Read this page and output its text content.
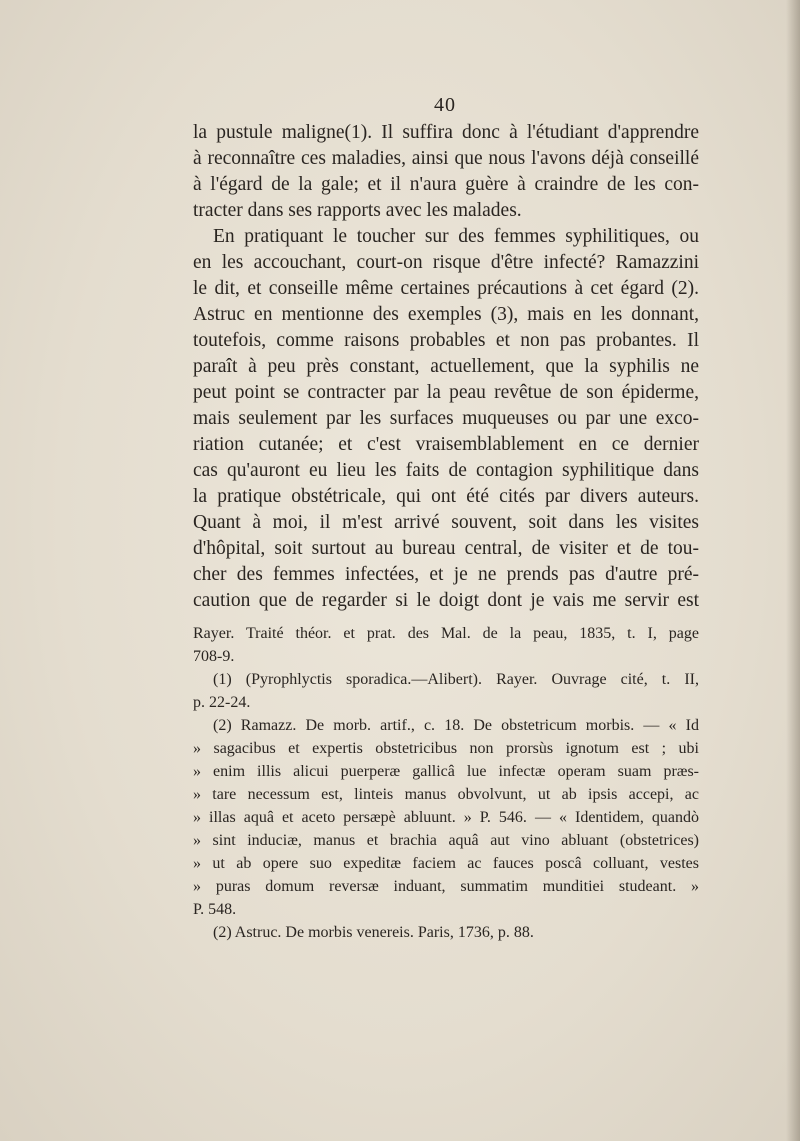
40
la pustule maligne(1). Il suffira donc à l'étudiant d'apprendre
à reconnaître ces maladies, ainsi que nous l'avons déjà conseillé
à l'égard de la gale; et il n'aura guère à craindre de les con-
tracter dans ses rapports avec les malades.
En pratiquant le toucher sur des femmes syphilitiques, ou
en les accouchant, court-on risque d'être infecté? Ramazzini
le dit, et conseille même certaines précautions à cet égard (2).
Astruc en mentionne des exemples (3), mais en les donnant,
toutefois, comme raisons probables et non pas probantes. Il
paraît à peu près constant, actuellement, que la syphilis ne
peut point se contracter par la peau revêtue de son épiderme,
mais seulement par les surfaces muqueuses ou par une exco-
riation cutanée; et c'est vraisemblablement en ce dernier
cas qu'auront eu lieu les faits de contagion syphilitique dans
la pratique obstétricale, qui ont été cités par divers auteurs.
Quant à moi, il m'est arrivé souvent, soit dans les visites
d'hôpital, soit surtout au bureau central, de visiter et de tou-
cher des femmes infectées, et je ne prends pas d'autre pré-
caution que de regarder si le doigt dont je vais me servir est
Rayer. Traité théor. et prat. des Mal. de la peau, 1835, t. I, page
708-9.
(1) (Pyrophlyctis sporadica.—Alibert). Rayer. Ouvrage cité, t. II,
p. 22-24.
(2) Ramazz. De morb. artif., c. 18. De obstetricum morbis. — « Id
» sagacibus et expertis obstetricibus non prorsùs ignotum est ; ubi
» enim illis alicui puerperæ gallicâ lue infectæ operam suam præs-
» tare necessum est, linteis manus obvolvunt, ut ab ipsis accepi, ac
» illas aquâ et aceto persæpè abluunt. » P. 546. — « Identidem, quandò
» sint induciæ, manus et brachia aquâ aut vino abluant (obstetrices)
» ut ab opere suo expeditæ faciem ac fauces poscâ colluant, vestes
» puras domum reversæ induant, summatim munditiei studeant. »
P. 548.
(2) Astruc. De morbis venereis. Paris, 1736, p. 88.
